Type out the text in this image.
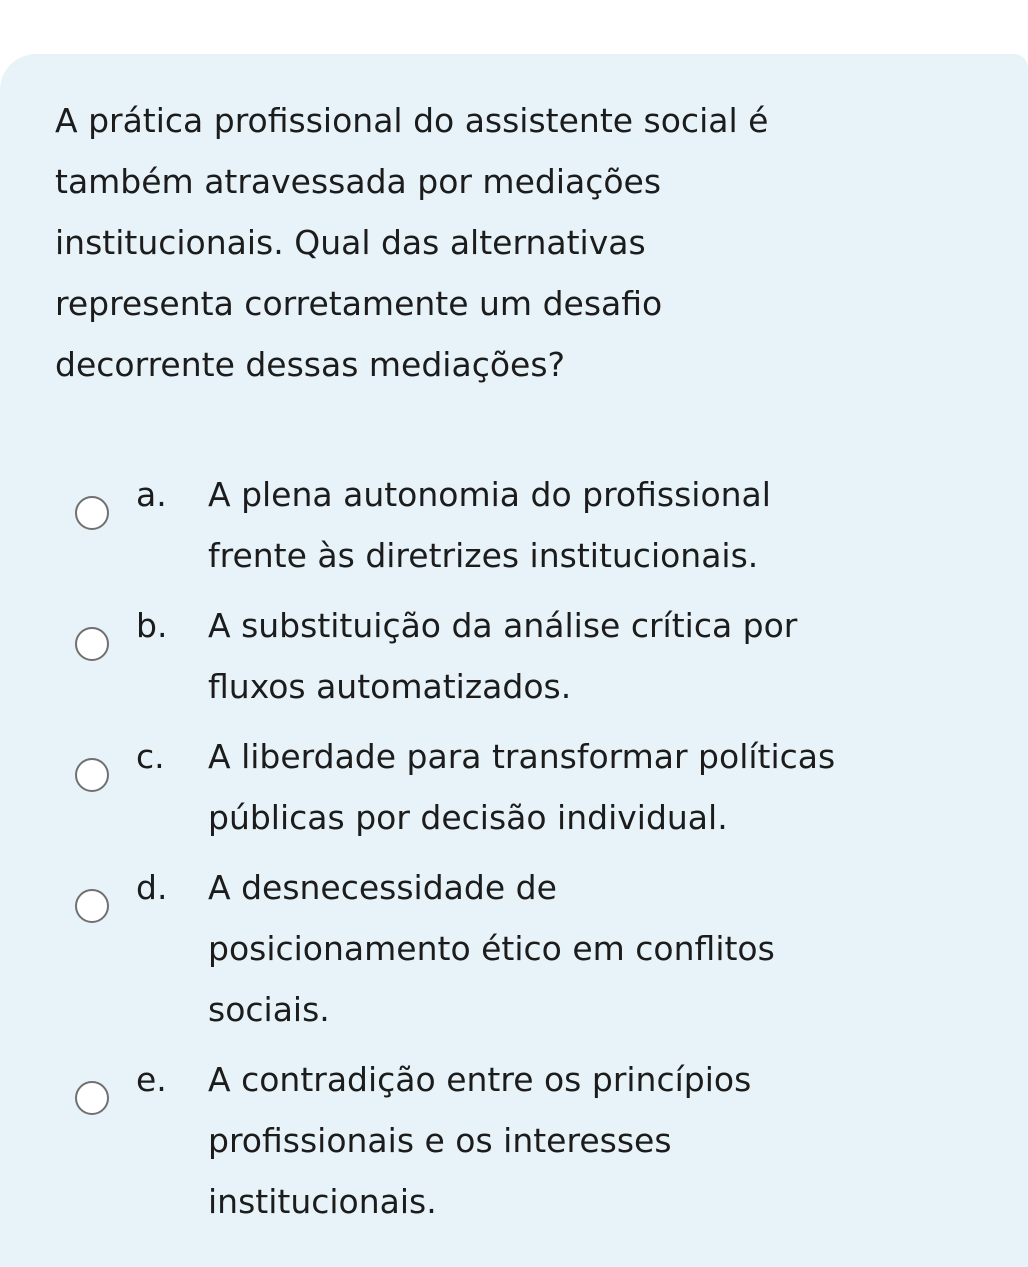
A prática profissional do assistente social é
também atravessada por mediações
institucionais. Qual das alternativas
representa corretamente um desafio
decorrente dessas mediações?
a. A plena autonomia do profissional
frente às diretrizes institucionais.
b. A substituição da análise crítica por
fluxos automatizados.
c. A liberdade para transformar políticas
públicas por decisão individual.
d. A desnecessidade de
posicionamento ético em conflitos
sociais.
e. A contradição entre os princípios
profissionais e os interesses
institucionais.
